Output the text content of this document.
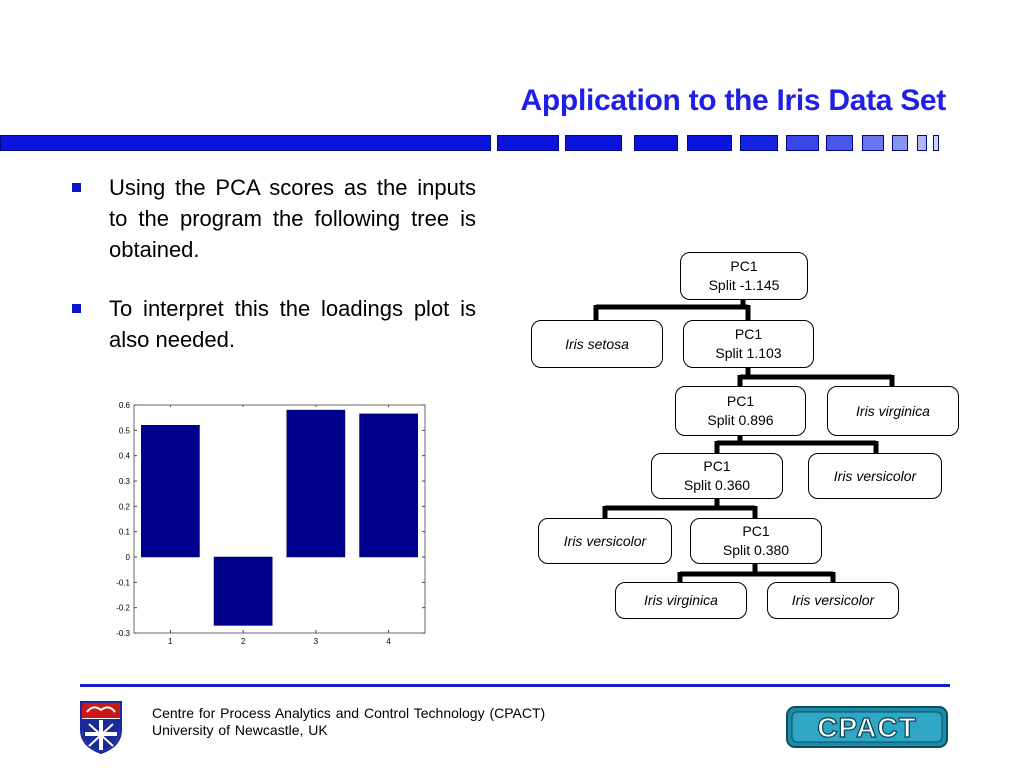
Application to the Iris Data Set
Using the PCA scores as the inputs to the program the following tree is obtained.
To interpret this the loadings plot is also needed.
PC1
Split -1.145
Iris setosa
PC1
Split 1.103
PC1
Split 0.896
Iris virginica
PC1
Split 0.360
Iris versicolor
Iris versicolor
PC1
Split 0.380
Iris virginica	Iris versicolor
-0.3
-0.2
-0.1
0
0.1
0.2
0.3
0.4
0.5
0.6
1	2	3	4
Centre for Process Analytics and Control Technology (CPACT)
University of Newcastle, UK	CPACT
